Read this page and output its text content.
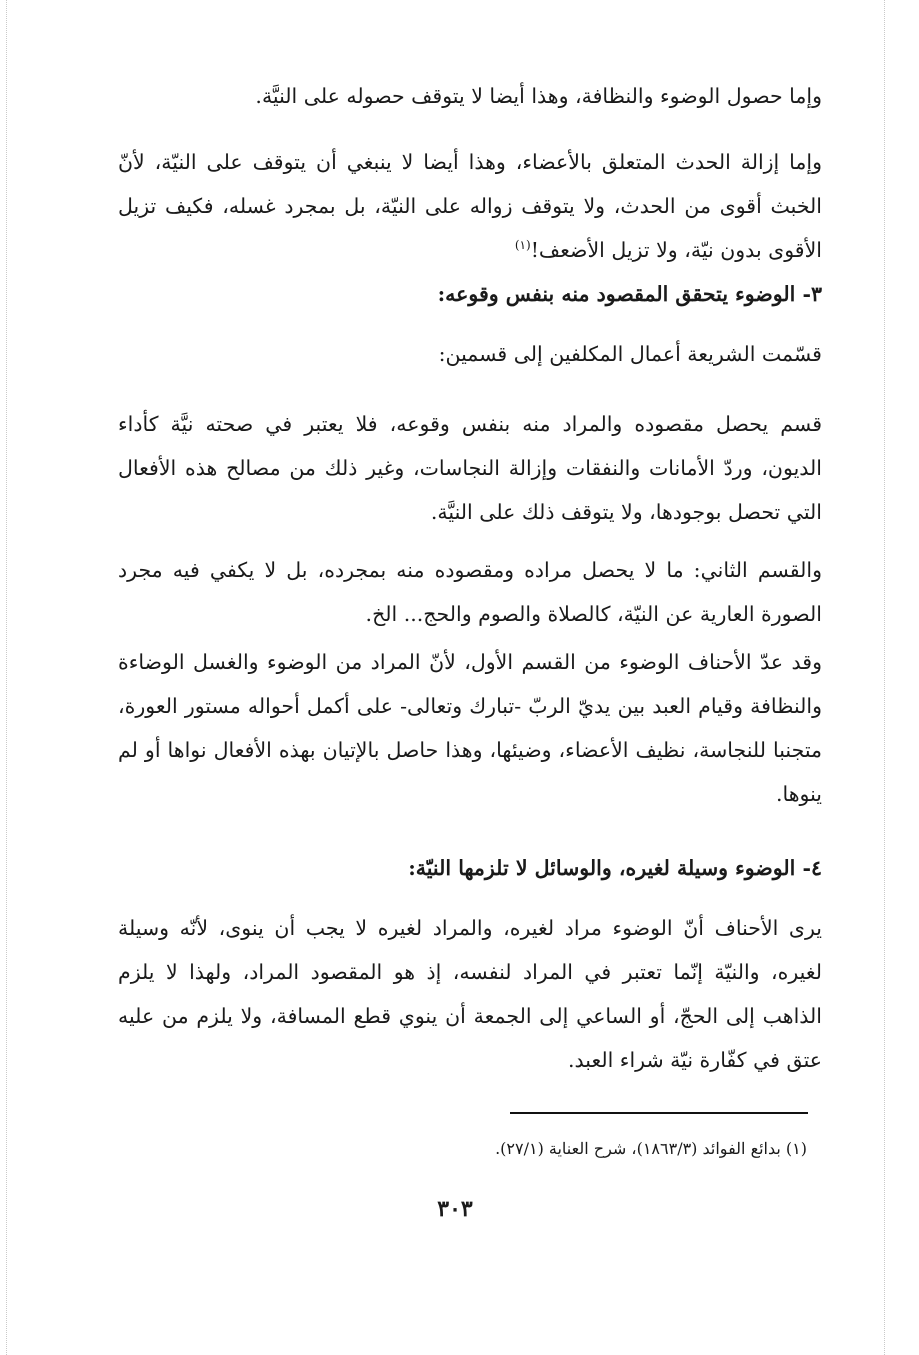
وإما حصول الوضوء والنظافة، وهذا أيضا لا يتوقف حصوله على النيَّة.

وإما إزالة الحدث المتعلق بالأعضاء، وهذا أيضا لا ينبغي أن يتوقف على النيّة، لأنّ الخبث أقوى من الحدث، ولا يتوقف زواله على النيّة، بل بمجرد غسله، فكيف تزيل الأقوى بدون نيّة، ولا تزيل الأضعف!$^{(١)}$

٣- الوضوء يتحقق المقصود منه بنفس وقوعه:

قسّمت الشريعة أعمال المكلفين إلى قسمين:

قسم يحصل مقصوده والمراد منه بنفس وقوعه، فلا يعتبر في صحته نيَّة كأداء الديون، وردّ الأمانات والنفقات وإزالة النجاسات، وغير ذلك من مصالح هذه الأفعال التي تحصل بوجودها، ولا يتوقف ذلك على النيَّة.

والقسم الثاني: ما لا يحصل مراده ومقصوده منه بمجرده، بل لا يكفي فيه مجرد الصورة العارية عن النيّة، كالصلاة والصوم والحج... الخ.

وقد عدّ الأحناف الوضوء من القسم الأول، لأنّ المراد من الوضوء والغسل الوضاءة والنظافة وقيام العبد بين يديّ الربّ -تبارك وتعالى- على أكمل أحواله مستور العورة، متجنبا للنجاسة، نظيف الأعضاء، وضيئها، وهذا حاصل بالإتيان بهذه الأفعال نواها أو لم ينوها.

٤- الوضوء وسيلة لغيره، والوسائل لا تلزمها النيّة:

يرى الأحناف أنّ الوضوء مراد لغيره، والمراد لغيره لا يجب أن ينوى، لأنّه وسيلة لغيره، والنيّة إنّما تعتبر في المراد لنفسه، إذ هو المقصود المراد، ولهذا لا يلزم الذاهب إلى الحجّ، أو الساعي إلى الجمعة أن ينوي قطع المسافة، ولا يلزم من عليه عتق في كفّارة نيّة شراء العبد.

(١) بدائع الفوائد (١٨٦٣/٣)، شرح العناية (٢٧/١).

٣٠٣
